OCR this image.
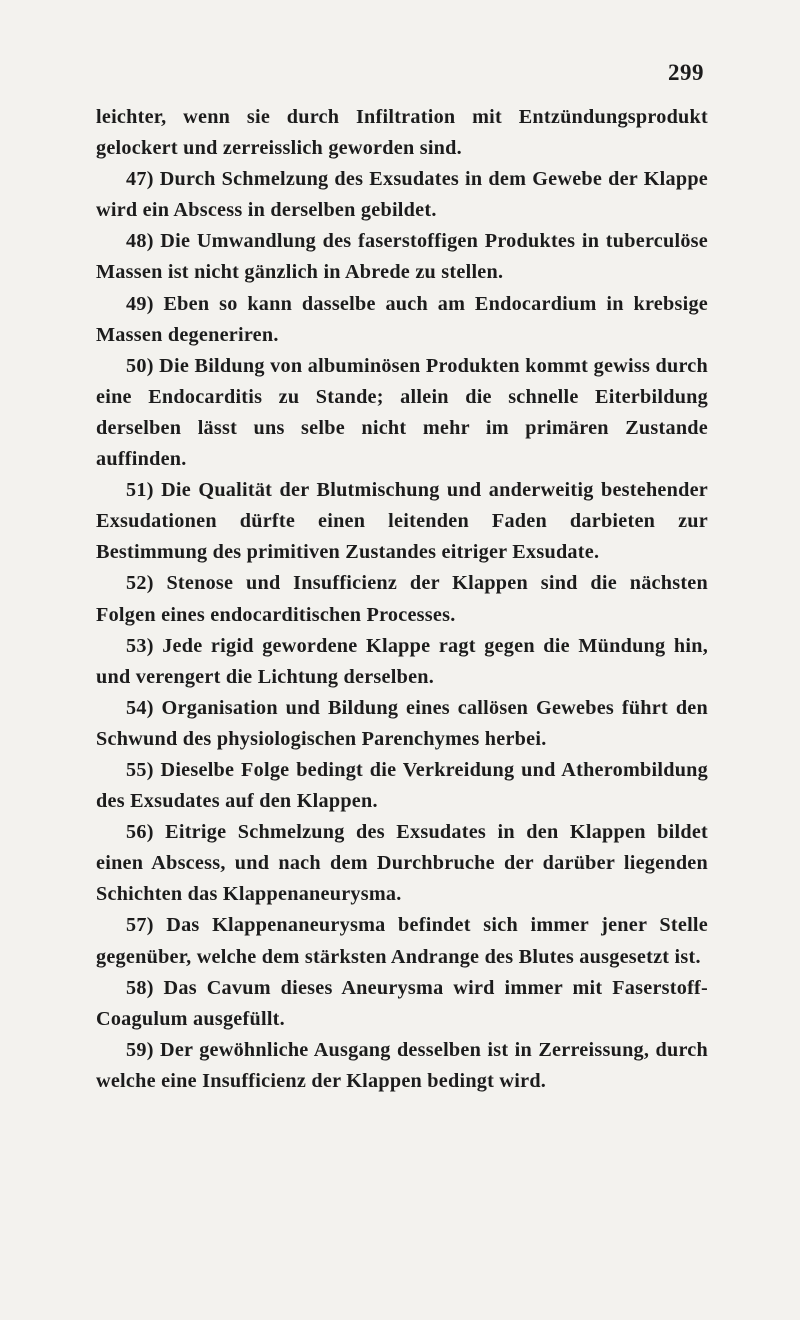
299

leichter, wenn sie durch Infiltration mit Entzündungsprodukt gelockert und zerreisslich geworden sind.

47) Durch Schmelzung des Exsudates in dem Gewebe der Klappe wird ein Abscess in derselben gebildet.

48) Die Umwandlung des faserstoffigen Produktes in tuberculöse Massen ist nicht gänzlich in Abrede zu stellen.

49) Eben so kann dasselbe auch am Endocardium in krebsige Massen degeneriren.

50) Die Bildung von albuminösen Produkten kommt gewiss durch eine Endocarditis zu Stande; allein die schnelle Eiterbildung derselben lässt uns selbe nicht mehr im primären Zustande auffinden.

51) Die Qualität der Blutmischung und anderweitig bestehender Exsudationen dürfte einen leitenden Faden darbieten zur Bestimmung des primitiven Zustandes eitriger Exsudate.

52) Stenose und Insufficienz der Klappen sind die nächsten Folgen eines endocarditischen Processes.

53) Jede rigid gewordene Klappe ragt gegen die Mündung hin, und verengert die Lichtung derselben.

54) Organisation und Bildung eines callösen Gewebes führt den Schwund des physiologischen Parenchymes herbei.

55) Dieselbe Folge bedingt die Verkreidung und Atherombildung des Exsudates auf den Klappen.

56) Eitrige Schmelzung des Exsudates in den Klappen bildet einen Abscess, und nach dem Durchbruche der darüber liegenden Schichten das Klappenaneurysma.

57) Das Klappenaneurysma befindet sich immer jener Stelle gegenüber, welche dem stärksten Andrange des Blutes ausgesetzt ist.

58) Das Cavum dieses Aneurysma wird immer mit Faserstoff-Coagulum ausgefüllt.

59) Der gewöhnliche Ausgang desselben ist in Zerreissung, durch welche eine Insufficienz der Klappen bedingt wird.
